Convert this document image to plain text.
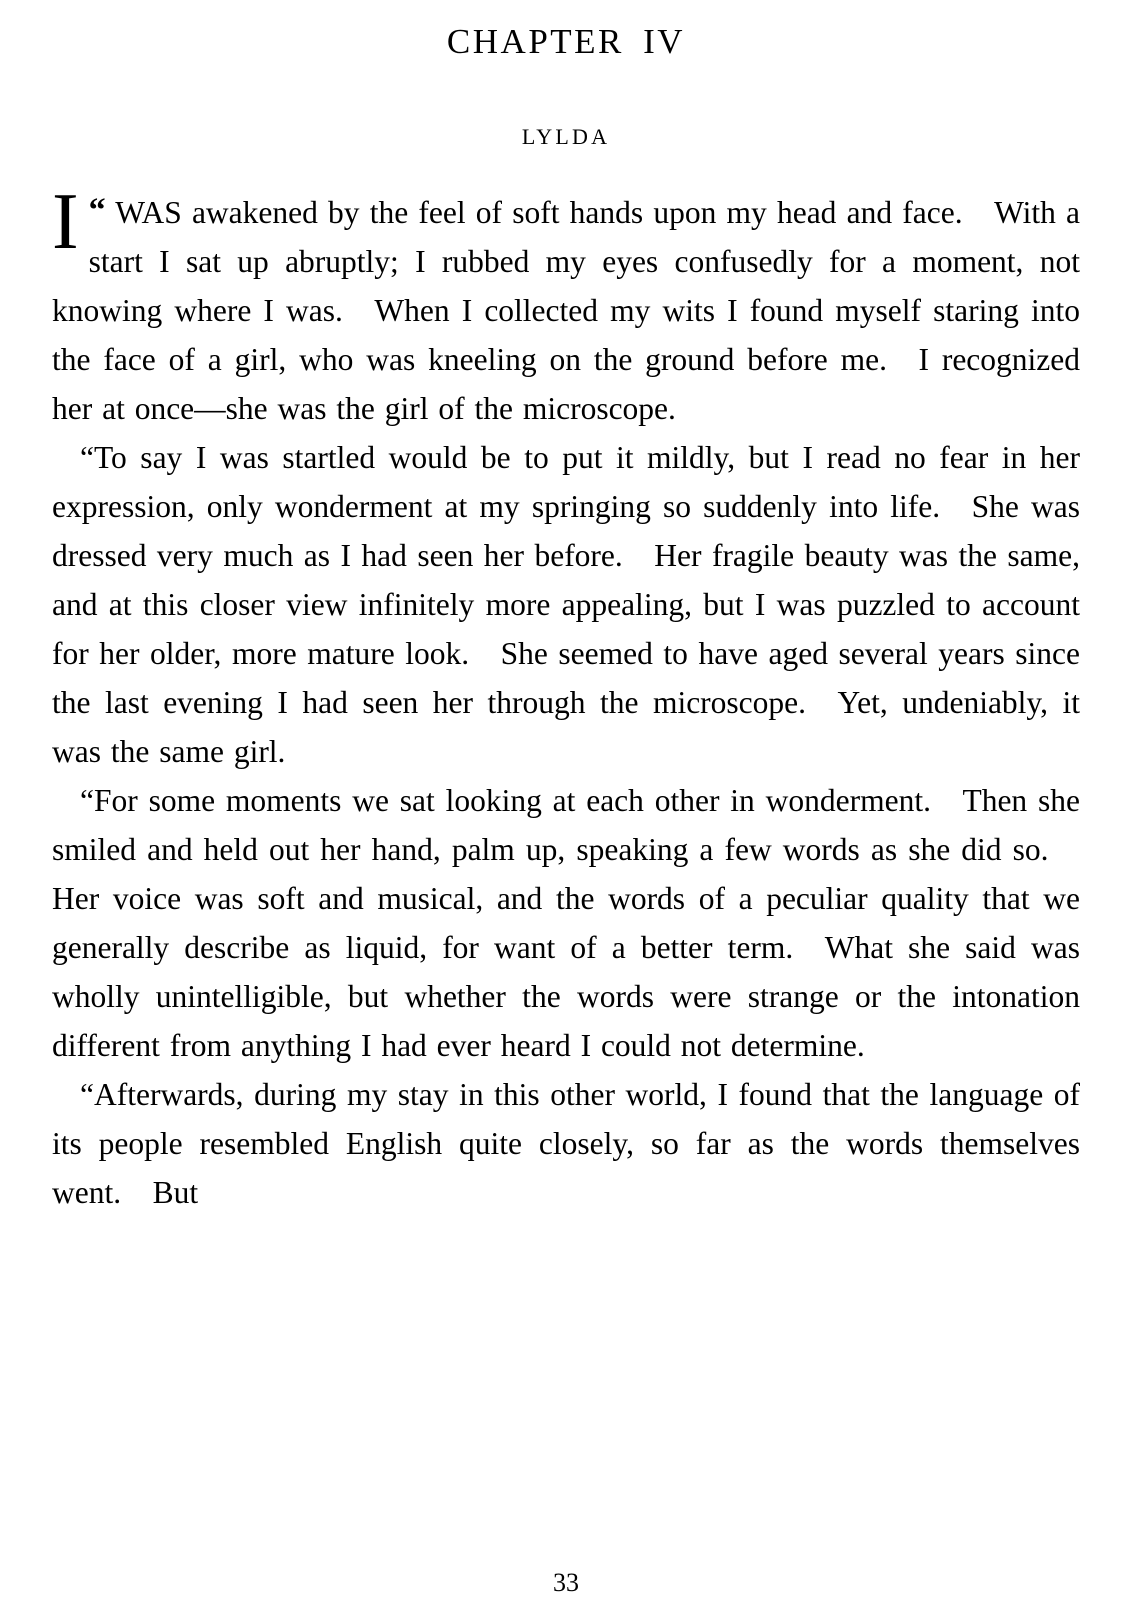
CHAPTER IV
LYLDA

“
I WAS awakened by the feel of soft hands upon my head and face. With a start I sat up abruptly; I rubbed my eyes confusedly for a moment, not knowing where I was. When I collected my wits I found myself staring into the face of a girl, who was kneeling on the ground before me. I recognized her at once—she was the girl of the microscope.

“To say I was startled would be to put it mildly, but I read no fear in her expression, only wonderment at my springing so suddenly into life. She was dressed very much as I had seen her before. Her fragile beauty was the same, and at this closer view infinitely more appealing, but I was puzzled to account for her older, more mature look. She seemed to have aged several years since the last evening I had seen her through the microscope. Yet, undeniably, it was the same girl.

“For some moments we sat looking at each other in wonderment. Then she smiled and held out her hand, palm up, speaking a few words as she did so. Her voice was soft and musical, and the words of a peculiar quality that we generally describe as liquid, for want of a better term. What she said was wholly unintelligible, but whether the words were strange or the intonation different from anything I had ever heard I could not determine.

“Afterwards, during my stay in this other world, I found that the language of its people resembled English quite closely, so far as the words themselves went. But

33
